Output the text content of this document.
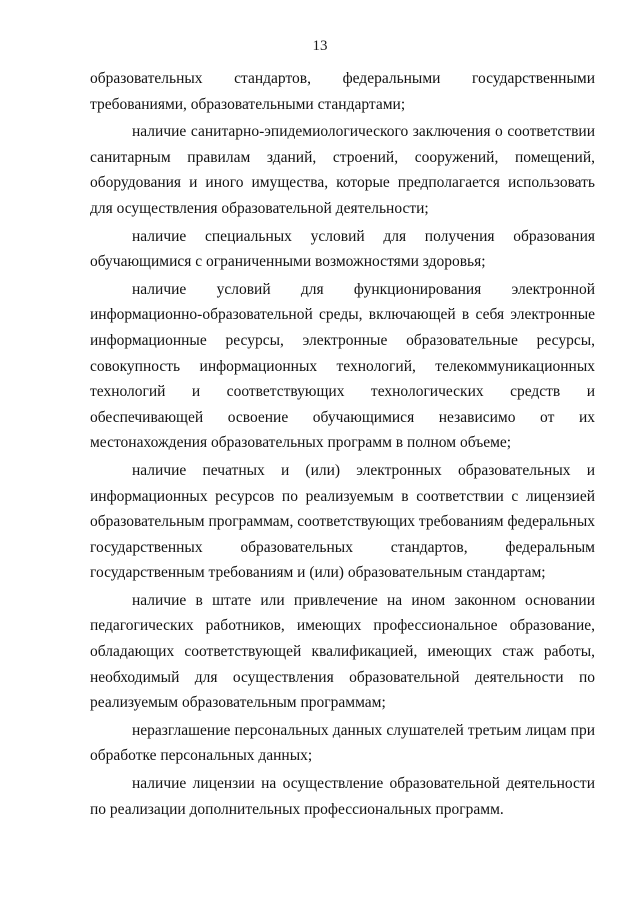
13

образовательных стандартов, федеральными государственными требованиями, образовательными стандартами;

наличие санитарно-эпидемиологического заключения о соответствии санитарным правилам зданий, строений, сооружений, помещений, оборудования и иного имущества, которые предполагается использовать для осуществления образовательной деятельности;

наличие специальных условий для получения образования обучающимися с ограниченными возможностями здоровья;

наличие условий для функционирования электронной информационно-образовательной среды, включающей в себя электронные информационные ресурсы, электронные образовательные ресурсы, совокупность информационных технологий, телекоммуникационных технологий и соответствующих технологических средств и обеспечивающей освоение обучающимися независимо от их местонахождения образовательных программ в полном объеме;

наличие печатных и (или) электронных образовательных и информационных ресурсов по реализуемым в соответствии с лицензией образовательным программам, соответствующих требованиям федеральных государственных образовательных стандартов, федеральным государственным требованиям и (или) образовательным стандартам;

наличие в штате или привлечение на ином законном основании педагогических работников, имеющих профессиональное образование, обладающих соответствующей квалификацией, имеющих стаж работы, необходимый для осуществления образовательной деятельности по реализуемым образовательным программам;

неразглашение персональных данных слушателей третьим лицам при обработке персональных данных;

наличие лицензии на осуществление образовательной деятельности по реализации дополнительных профессиональных программ.
